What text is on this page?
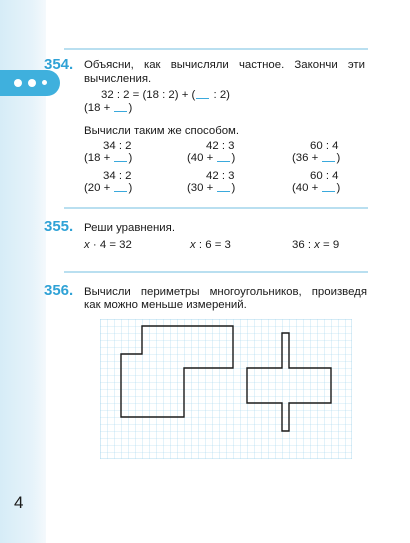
354. Объясни, как вычисляли частное. Закончи эти
вычисления.
32 : 2 = (18 : 2) + ( : 2)
(18 + )
Вычисли таким же способом.
34 : 2
(18 + )
42 : 3
(40 + )
60 : 4
(36 + )
34 : 2
(20 + )
42 : 3
(30 + )
60 : 4
(40 + )
355. Реши уравнения.
x · 4 = 32	x : 6 = 3	36 : x = 9
356. Вычисли периметры многоугольников, произведя
как можно меньше измерений.
4
